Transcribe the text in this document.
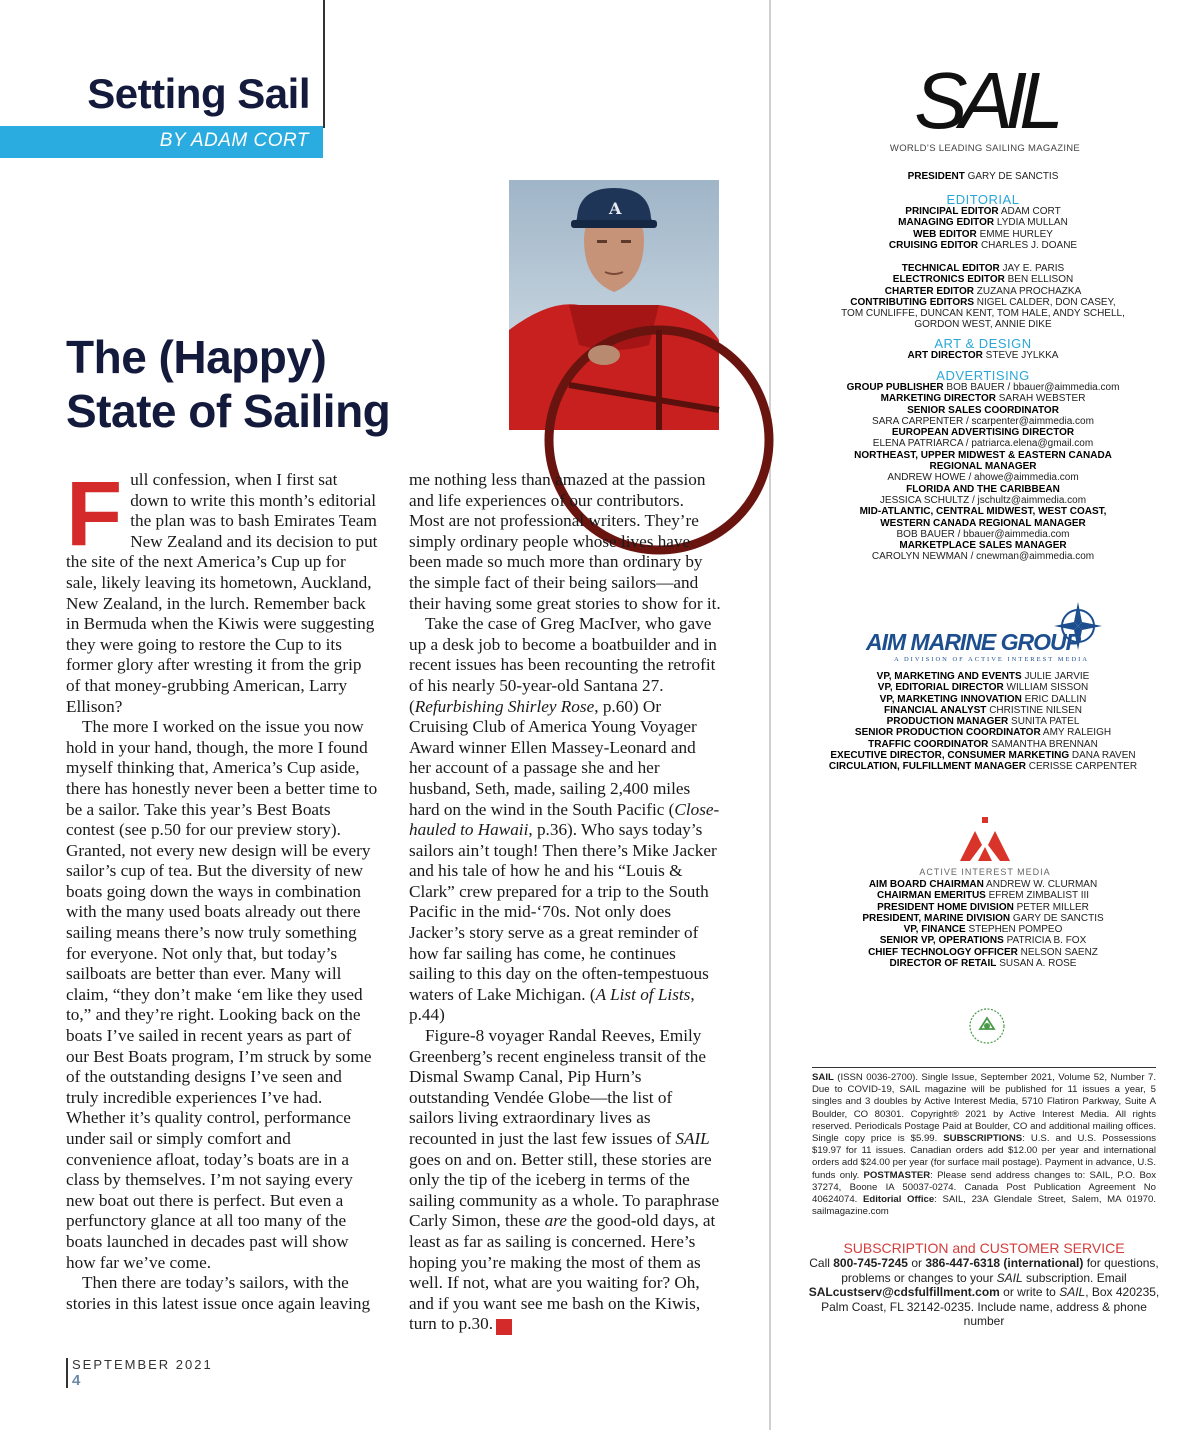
Setting Sail
BY ADAM CORT
A
The (Happy)
State of Sailing

Full confession, when I first sat down to write this month’s editorial the plan was to bash Emirates Team New Zealand and its decision to put the site of the next America’s Cup up for sale, likely leaving its hometown, Auckland, New Zealand, in the lurch. Remember back in Bermuda when the Kiwis were suggesting they were going to restore the Cup to its former glory after wresting it from the grip of that money-grubbing American, Larry Ellison?

The more I worked on the issue you now hold in your hand, though, the more I found myself thinking that, America’s Cup aside, there has honestly never been a better time to be a sailor. Take this year’s Best Boats contest (see p.50 for our preview story). Granted, not every new design will be every sailor’s cup of tea. But the diversity of new boats going down the ways in combination with the many used boats already out there sailing means there’s now truly something for everyone. Not only that, but today’s sailboats are better than ever. Many will claim, “they don’t make ‘em like they used to,” and they’re right. Looking back on the boats I’ve sailed in recent years as part of our Best Boats program, I’m struck by some of the outstanding designs I’ve seen and truly incredible experiences I’ve had. Whether it’s quality control, performance under sail or simply comfort and convenience afloat, today’s boats are in a class by themselves. I’m not saying every new boat out there is perfect. But even a perfunctory glance at all too many of the boats launched in decades past will show how far we’ve come.

Then there are today’s sailors, with the stories in this latest issue once again leaving

me nothing less than amazed at the passion and life experiences of our contributors. Most are not professional writers. They’re simply ordinary people whose lives have been made so much more than ordinary by the simple fact of their being sailors—and their having some great stories to show for it.

Take the case of Greg MacIver, who gave up a desk job to become a boatbuilder and in recent issues has been recounting the retrofit of his nearly 50-year-old Santana 27. (Refurbishing Shirley Rose, p.60) Or Cruising Club of America Young Voyager Award winner Ellen Massey-Leonard and her account of a passage she and her husband, Seth, made, sailing 2,400 miles hard on the wind in the South Pacific (Close-hauled to Hawaii, p.36). Who says today’s sailors ain’t tough! Then there’s Mike Jacker and his tale of how he and his “Louis & Clark” crew prepared for a trip to the South Pacific in the mid-‘70s. Not only does Jacker’s story serve as a great reminder of how far sailing has come, he continues sailing to this day on the often-tempestuous waters of Lake Michigan. (A List of Lists, p.44)

Figure-8 voyager Randal Reeves, Emily Greenberg’s recent engineless transit of the Dismal Swamp Canal, Pip Hurn’s outstanding Vendée Globe—the list of sailors living extraordinary lives as recounted in just the last few issues of SAIL goes on and on. Better still, these stories are only the tip of the iceberg in terms of the sailing community as a whole. To paraphrase Carly Simon, these are the good-old days, at least as far as sailing is concerned. Here’s hoping you’re making the most of them as well. If not, what are you waiting for? Oh, and if you want see me bash on the Kiwis, turn to p.30. S

SEPTEMBER 2021
4
SAIL
WORLD’S LEADING SAILING MAGAZINE
PRESIDENT GARY DE SANCTIS
EDITORIAL
PRINCIPAL EDITOR ADAM CORT
MANAGING EDITOR LYDIA MULLAN
WEB EDITOR EMME HURLEY
CRUISING EDITOR CHARLES J. DOANE
TECHNICAL EDITOR JAY E. PARIS
ELECTRONICS EDITOR BEN ELLISON
CHARTER EDITOR ZUZANA PROCHAZKA
CONTRIBUTING EDITORS NIGEL CALDER, DON CASEY,
TOM CUNLIFFE, DUNCAN KENT, TOM HALE, ANDY SCHELL,
GORDON WEST, ANNIE DIKE
ART & DESIGN
ART DIRECTOR STEVE JYLKKA
ADVERTISING
GROUP PUBLISHER BOB BAUER / bbauer@aimmedia.com
MARKETING DIRECTOR SARAH WEBSTER
SENIOR SALES COORDINATOR
SARA CARPENTER / scarpenter@aimmedia.com
EUROPEAN ADVERTISING DIRECTOR
ELENA PATRIARCA / patriarca.elena@gmail.com
NORTHEAST, UPPER MIDWEST & EASTERN CANADA
REGIONAL MANAGER
ANDREW HOWE / ahowe@aimmedia.com
FLORIDA AND THE CARIBBEAN
JESSICA SCHULTZ / jschultz@aimmedia.com
MID-ATLANTIC, CENTRAL MIDWEST, WEST COAST,
WESTERN CANADA REGIONAL MANAGER
BOB BAUER / bbauer@aimmedia.com
MARKETPLACE SALES MANAGER
CAROLYN NEWMAN / cnewman@aimmedia.com
AIM MARINE GROUP
A DIVISION OF ACTIVE INTEREST MEDIA
VP, MARKETING AND EVENTS JULIE JARVIE
VP, EDITORIAL DIRECTOR WILLIAM SISSON
VP, MARKETING INNOVATION ERIC DALLIN
FINANCIAL ANALYST CHRISTINE NILSEN
PRODUCTION MANAGER SUNITA PATEL
SENIOR PRODUCTION COORDINATOR AMY RALEIGH
TRAFFIC COORDINATOR SAMANTHA BRENNAN
EXECUTIVE DIRECTOR, CONSUMER MARKETING DANA RAVEN
CIRCULATION, FULFILLMENT MANAGER CERISSE CARPENTER
ACTIVE INTEREST MEDIA
AIM BOARD CHAIRMAN ANDREW W. CLURMAN
CHAIRMAN EMERITUS EFREM ZIMBALIST III
PRESIDENT HOME DIVISION PETER MILLER
PRESIDENT, MARINE DIVISION GARY DE SANCTIS
VP, FINANCE STEPHEN POMPEO
SENIOR VP, OPERATIONS PATRICIA B. FOX
CHIEF TECHNOLOGY OFFICER NELSON SAENZ
DIRECTOR OF RETAIL SUSAN A. ROSE
SAIL (ISSN 0036-2700). Single Issue, September 2021, Volume 52, Number 7. Due to COVID-19, SAIL magazine will be published for 11 issues a year, 5 singles and 3 doubles by Active Interest Media, 5710 Flatiron Parkway, Suite A Boulder, CO 80301. Copyright® 2021 by Active Interest Media. All rights reserved. Periodicals Postage Paid at Boulder, CO and additional mailing offices. Single copy price is $5.99. SUBSCRIPTIONS: U.S. and U.S. Possessions $19.97 for 11 issues. Canadian orders add $12.00 per year and international orders add $24.00 per year (for surface mail postage). Payment in advance, U.S. funds only. POSTMASTER: Please send address changes to: SAIL, P.O. Box 37274, Boone IA 50037-0274. Canada Post Publication Agreement No 40624074. Editorial Office: SAIL, 23A Glendale Street, Salem, MA 01970. sailmagazine.com
SUBSCRIPTION and CUSTOMER SERVICE
Call 800-745-7245 or 386-447-6318 (international) for questions, problems or changes to your SAIL subscription. Email SALcustserv@cdsfulfillment.com or write to SAIL, Box 420235, Palm Coast, FL 32142-0235. Include name, address & phone number
